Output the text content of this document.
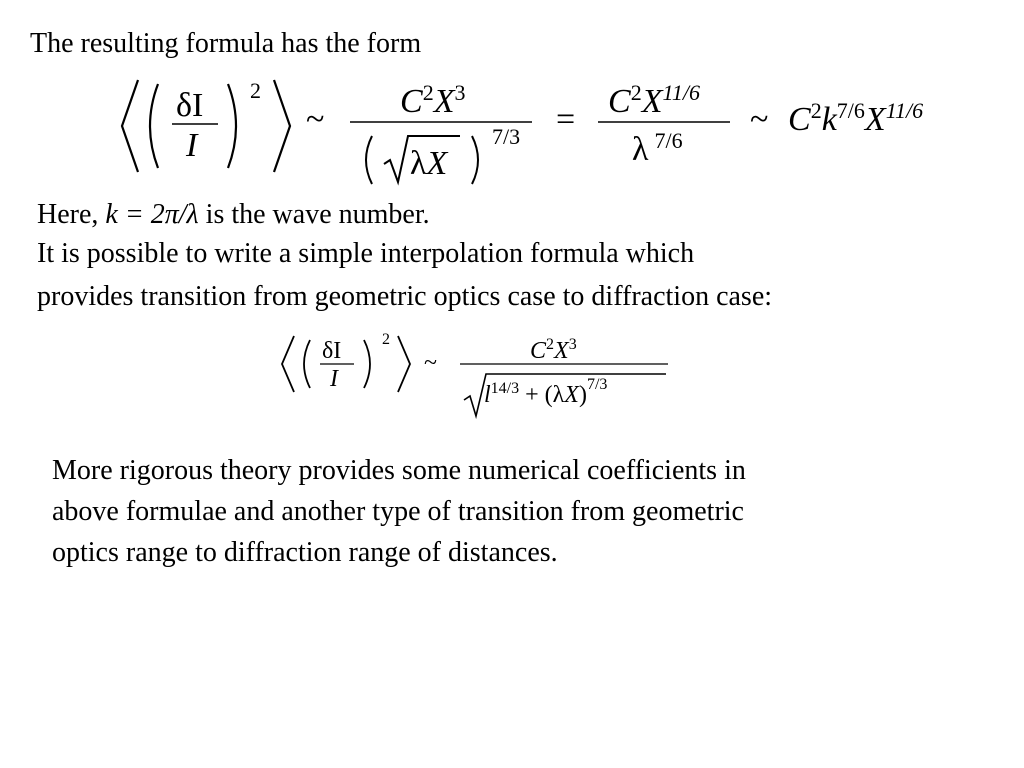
The resulting formula has the form
δI
I
2
~ $C^2X^3$
λX
$7/3 = C^2X^{11/6}$
λ $^{7/6}$
~ $C^2k^{7/6}X^{11/6}$
Here, k = 2π/λ is the wave number.
It is possible to write a simple interpolation formula which
provides transition from geometric optics case to diffraction case:
δI
I
2
~	$C^2X^3$
$l^{14/3} + (\lambda X)^{7/3}$
More rigorous theory provides some numerical coefficients in
above formulae and another type of transition from geometric
optics range to diffraction range of distances.
